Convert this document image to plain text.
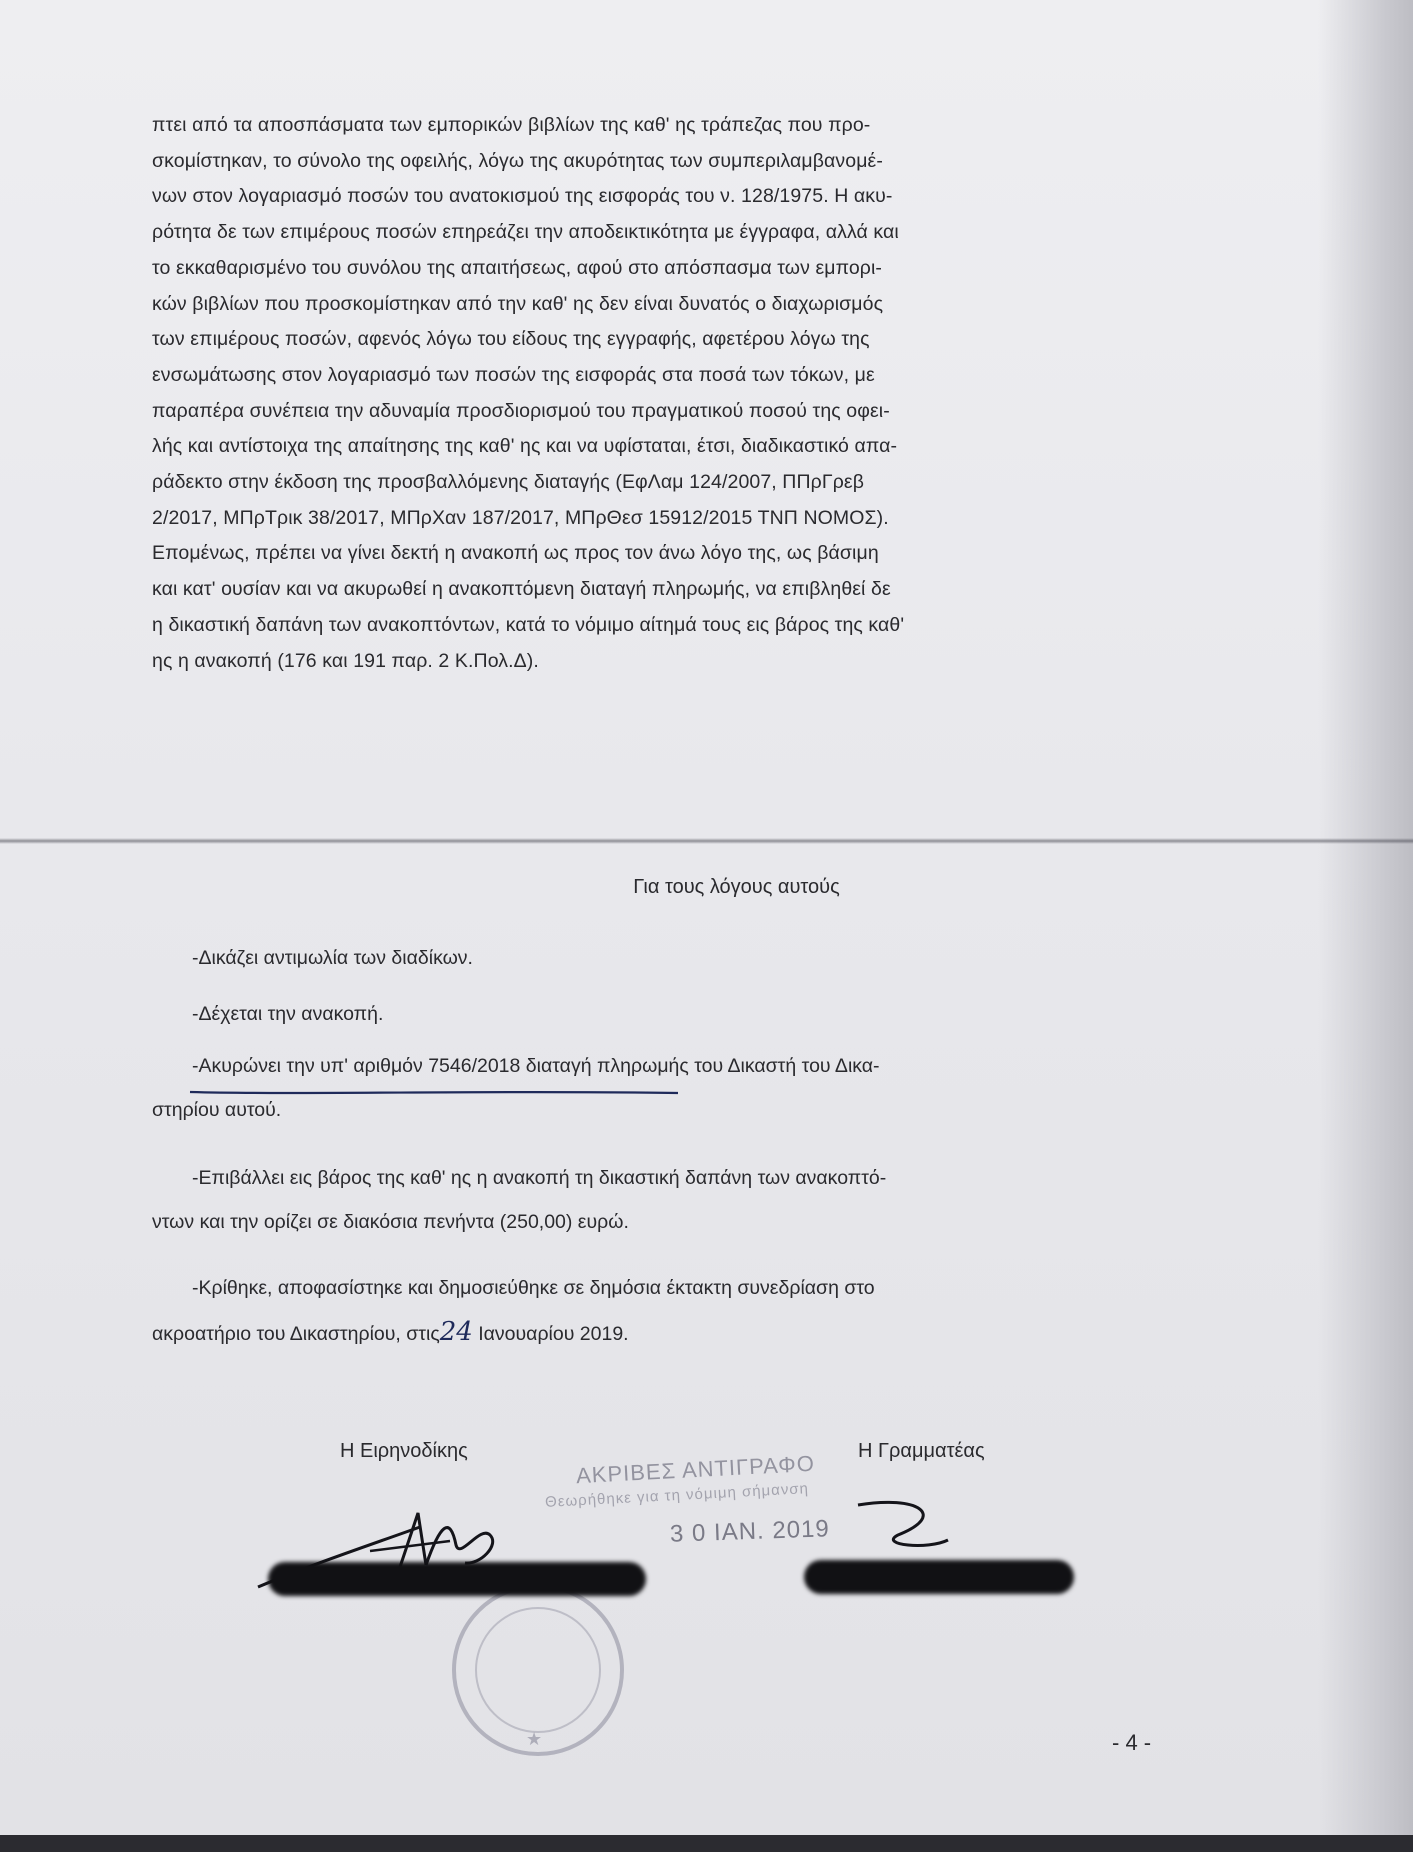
πτει από τα αποσπάσματα των εμπορικών βιβλίων της καθ' ης τράπεζας που προ-
σκομίστηκαν, το σύνολο της οφειλής, λόγω της ακυρότητας των συμπεριλαμβανομέ-
νων στον λογαριασμό ποσών του ανατοκισμού της εισφοράς του ν. 128/1975. Η ακυ-
ρότητα δε των επιμέρους ποσών επηρεάζει την αποδεικτικότητα με έγγραφα, αλλά και
το εκκαθαρισμένο του συνόλου της απαιτήσεως, αφού στο απόσπασμα των εμπορι-
κών βιβλίων που προσκομίστηκαν από την καθ' ης δεν είναι δυνατός ο διαχωρισμός
των επιμέρους ποσών, αφενός λόγω του είδους της εγγραφής, αφετέρου λόγω της
ενσωμάτωσης στον λογαριασμό των ποσών της εισφοράς στα ποσά των τόκων, με
παραπέρα συνέπεια την αδυναμία προσδιορισμού του πραγματικού ποσού της οφει-
λής και αντίστοιχα της απαίτησης της καθ' ης και να υφίσταται, έτσι, διαδικαστικό απα-
ράδεκτο στην έκδοση της προσβαλλόμενης διαταγής (ΕφΛαμ 124/2007, ΠΠρΓρεβ
2/2017, ΜΠρΤρικ 38/2017, ΜΠρΧαν 187/2017, ΜΠρΘεσ 15912/2015 ΤΝΠ ΝΟΜΟΣ).
Επομένως, πρέπει να γίνει δεκτή η ανακοπή ως προς τον άνω λόγο της, ως βάσιμη
και κατ' ουσίαν και να ακυρωθεί η ανακοπτόμενη διαταγή πληρωμής, να επιβληθεί δε
η δικαστική δαπάνη των ανακοπτόντων, κατά το νόμιμο αίτημά τους εις βάρος της καθ'
ης η ανακοπή (176 και 191 παρ. 2 Κ.Πολ.Δ).
Για τους λόγους αυτούς
-Δικάζει αντιμωλία των διαδίκων.
-Δέχεται την ανακοπή.
-Ακυρώνει την υπ' αριθμόν 7546/2018 διαταγή πληρωμής του Δικαστή του Δικα-
στηρίου αυτού.
-Επιβάλλει εις βάρος της καθ' ης η ανακοπή τη δικαστική δαπάνη των ανακοπτό-
ντων και την ορίζει σε διακόσια πενήντα (250,00) ευρώ.
-Κρίθηκε, αποφασίστηκε και δημοσιεύθηκε σε δημόσια έκτακτη συνεδρίαση στο
ακροατήριο του Δικαστηρίου, στις24 Ιανουαρίου 2019.
Η Ειρηνοδίκης	Η Γραμματέας
ΑΚΡΙΒΕΣ ΑΝΤΙΓΡΑΦΟ
Θεωρήθηκε για τη νόμιμη σήμανση
3 0 ΙΑΝ. 2019
★	- 4 -
